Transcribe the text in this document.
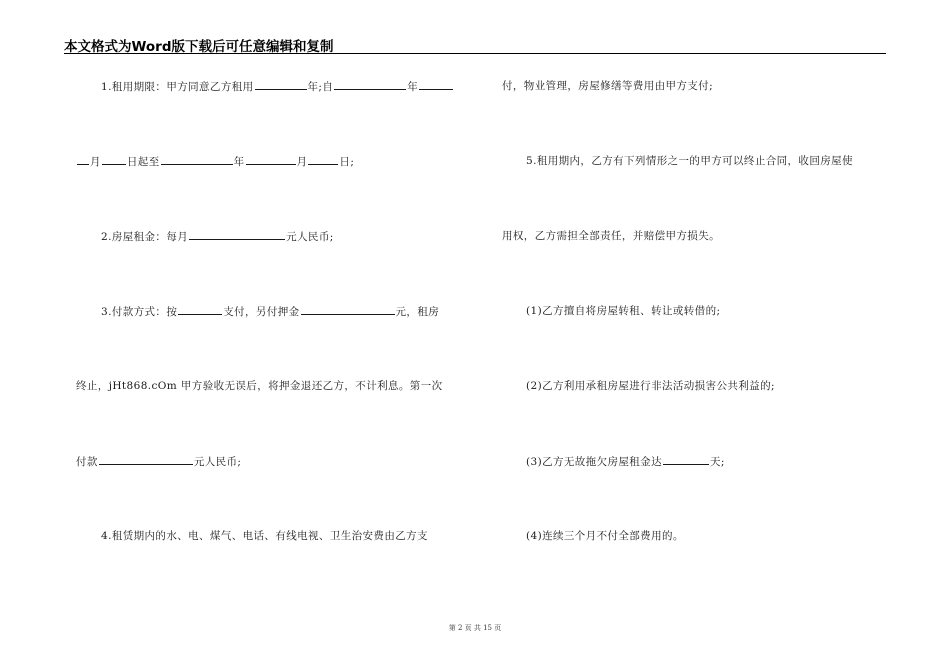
本文格式为Word版下载后可任意编辑和复制
1.租用期限：甲方同意乙方租用	年;自	年
月 日起至	年	月	日;
2.房屋租金：每月	元人民币;
3.付款方式：按	支付，另付押金	元，租房
终止，jHt868.cOm 甲方验收无误后，将押金退还乙方，不计利息。第一次
付款	元人民币;
4.租赁期内的水、电、煤气、电话、有线电视、卫生治安费由乙方支
付，物业管理，房屋修缮等费用由甲方支付;
5.租用期内，乙方有下列情形之一的甲方可以终止合同，收回房屋使
用权，乙方需担全部责任，并赔偿甲方损失。
(1)乙方擅自将房屋转租、转让或转借的;
(2)乙方利用承租房屋进行非法活动损害公共利益的;
(3)乙方无故拖欠房屋租金达	天;
(4)连续三个月不付全部费用的。
第 2 页 共 15 页
